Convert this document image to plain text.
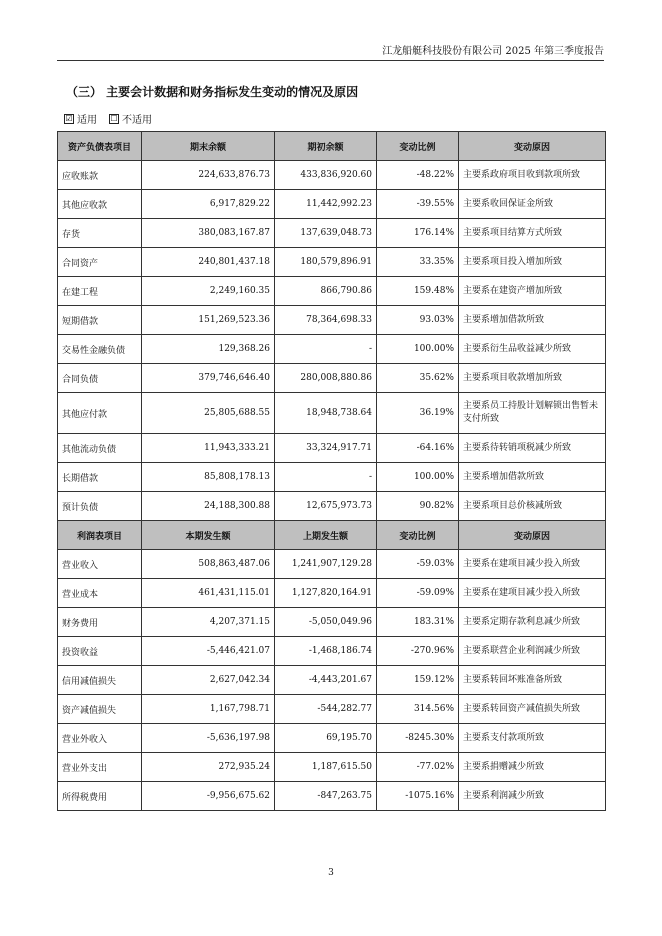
江龙船艇科技股份有限公司 2025 年第三季度报告
（三） 主要会计数据和财务指标发生变动的情况及原因
☑ 适用 ☐ 不适用
资产负债表项目	期末余额	期初余额	变动比例	变动原因
应收账款	224,633,876.73	433,836,920.60	-48.22%	主要系政府项目收到款项所致
其他应收款	6,917,829.22	11,442,992.23	-39.55%	主要系收回保证金所致
存货	380,083,167.87	137,639,048.73	176.14%	主要系项目结算方式所致
合同资产	240,801,437.18	180,579,896.91	33.35%	主要系项目投入增加所致
在建工程	2,249,160.35	866,790.86	159.48%	主要系在建资产增加所致
短期借款	151,269,523.36	78,364,698.33	93.03%	主要系增加借款所致
交易性金融负债	129,368.26	-	100.00%	主要系衍生品收益减少所致
合同负债	379,746,646.40	280,008,880.86	35.62%	主要系项目收款增加所致
其他应付款	25,805,688.55	18,948,738.64	36.19%	主要系员工持股计划解锁出售暂未支付所致
其他流动负债	11,943,333.21	33,324,917.71	-64.16%	主要系待转销项税减少所致
长期借款	85,808,178.13	-	100.00%	主要系增加借款所致
预计负债	24,188,300.88	12,675,973.73	90.82%	主要系项目总价核减所致
利润表项目	本期发生额	上期发生额	变动比例	变动原因
营业收入	508,863,487.06	1,241,907,129.28	-59.03%	主要系在建项目减少投入所致
营业成本	461,431,115.01	1,127,820,164.91	-59.09%	主要系在建项目减少投入所致
财务费用	4,207,371.15	-5,050,049.96	183.31%	主要系定期存款利息减少所致
投资收益	-5,446,421.07	-1,468,186.74	-270.96%	主要系联营企业利润减少所致
信用减值损失	2,627,042.34	-4,443,201.67	159.12%	主要系转回坏账准备所致
资产减值损失	1,167,798.71	-544,282.77	314.56%	主要系转回资产减值损失所致
营业外收入	-5,636,197.98	69,195.70	-8245.30%	主要系支付款项所致
营业外支出	272,935.24	1,187,615.50	-77.02%	主要系捐赠减少所致
所得税费用	-9,956,675.62	-847,263.75	-1075.16%	主要系利润减少所致
3
